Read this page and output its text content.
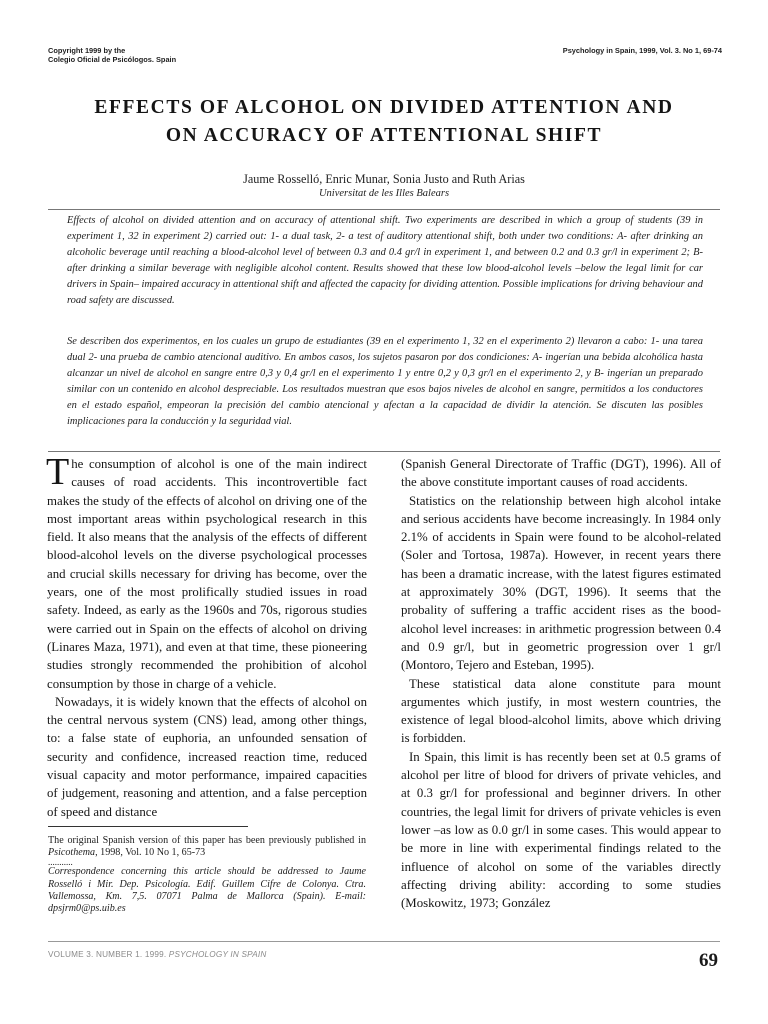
Copyright 1999 by the
Colegio Oficial de Psicólogos. Spain
Psychology in Spain, 1999, Vol. 3. No 1, 69-74
EFFECTS OF ALCOHOL ON DIVIDED ATTENTION AND
ON ACCURACY OF ATTENTIONAL SHIFT
Jaume Rosselló, Enric Munar, Sonia Justo and Ruth Arias
Universitat de les Illes Balears

Effects of alcohol on divided attention and on accuracy of attentional shift. Two experiments are described in which a group of students (39 in experiment 1, 32 in experiment 2) carried out: 1- a dual task, 2- a test of auditory attentional shift, both under two conditions: A- after drinking an alcoholic beverage until reaching a blood-alcohol level of between 0.3 and 0.4 gr/l in experiment 1, and between 0.2 and 0.3 gr/l in experiment 2; B- after drinking a similar beverage with negligible alcohol content. Results showed that these low blood-alcohol levels –below the legal limit for car drivers in Spain– impaired accuracy in attentional shift and affected the capacity for dividing attention. Possible implications for driving behaviour and road safety are discussed.

Se describen dos experimentos, en los cuales un grupo de estudiantes (39 en el experimento 1, 32 en el experimento 2) llevaron a cabo: 1- una tarea dual 2- una prueba de cambio atencional auditivo. En ambos casos, los sujetos pasaron por dos condiciones: A- ingerían una bebida alcohólica hasta alcanzar un nivel de alcohol en sangre entre 0,3 y 0,4 gr/l en el experimento 1 y entre 0,2 y 0,3 gr/l en el experimento 2, y B- ingerían un preparado similar con un contenido en alcohol despreciable. Los resultados muestran que esos bajos niveles de alcohol en sangre, permitidos a los conductores en el estado español, empeoran la precisión del cambio atencional y afectan a la capacidad de dividir la atención. Se discuten las posibles implicaciones para la conducción y la seguridad vial.

The consumption of alcohol is one of the main indirect causes of road accidents. This incontrovertible fact makes the study of the effects of alcohol on driving one of the most important areas within psychological research in this field. It also means that the analysis of the effects of different blood-alcohol levels on the diverse psychological processes and crucial skills necessary for driving has become, over the years, one of the most prolifically studied issues in road safety. Indeed, as early as the 1960s and 70s, rigorous studies were carried out in Spain on the effects of alcohol on driving (Linares Maza, 1971), and even at that time, these pioneering studies strongly recommended the prohibition of alcohol consumption by those in charge of a vehicle.

Nowadays, it is widely known that the effects of alcohol on the central nervous system (CNS) lead, among other things, to: a false state of euphoria, an unfounded sensation of security and confidence, increased reaction time, reduced visual capacity and motor performance, impaired capacities of judgement, reasoning and attention, and a false perception of speed and distance

(Spanish General Directorate of Traffic (DGT), 1996). All of the above constitute important causes of road accidents.

Statistics on the relationship between high alcohol intake and serious accidents have become increasingly. In 1984 only 2.1% of accidents in Spain were found to be alcohol-related (Soler and Tortosa, 1987a). However, in recent years there has been a dramatic increase, with the latest figures estimated at approximately 30% (DGT, 1996). It seems that the probality of suffering a traffic accident rises as the bood-alcohol level increases: in arithmetic progression between 0.4 and 0.9 gr/l, but in geometric progression over 1 gr/l (Montoro, Tejero and Esteban, 1995).

These statistical data alone constitute para mount argumentes which justify, in most western countries, the existence of legal blood-alcohol limits, above which driving is forbidden.

In Spain, this limit is has recently been set at 0.5 grams of alcohol per litre of blood for drivers of private vehicles, and at 0.3 gr/l for professional and beginner drivers. In other countries, the legal limit for drivers of private vehicles is even lower –as low as 0.0 gr/l in some cases. This would appear to be more in line with experimental findings related to the influence of alcohol on some of the variables directly affecting driving ability: according to some studies (Moskowitz, 1973; González

The original Spanish version of this paper has been previously published in Psicothema, 1998, Vol. 10 No 1, 65-73
...........
Correspondence concerning this article should be addressed to Jaume Rosselló i Mir. Dep. Psicología. Edif. Guillem Cifre de Colonya. Ctra. Vallemossa, Km. 7,5. 07071 Palma de Mallorca (Spain). E-mail: dpsjrm0@ps.uib.es
VOLUME 3. NUMBER 1. 1999. PSYCHOLOGY IN SPAIN	69
